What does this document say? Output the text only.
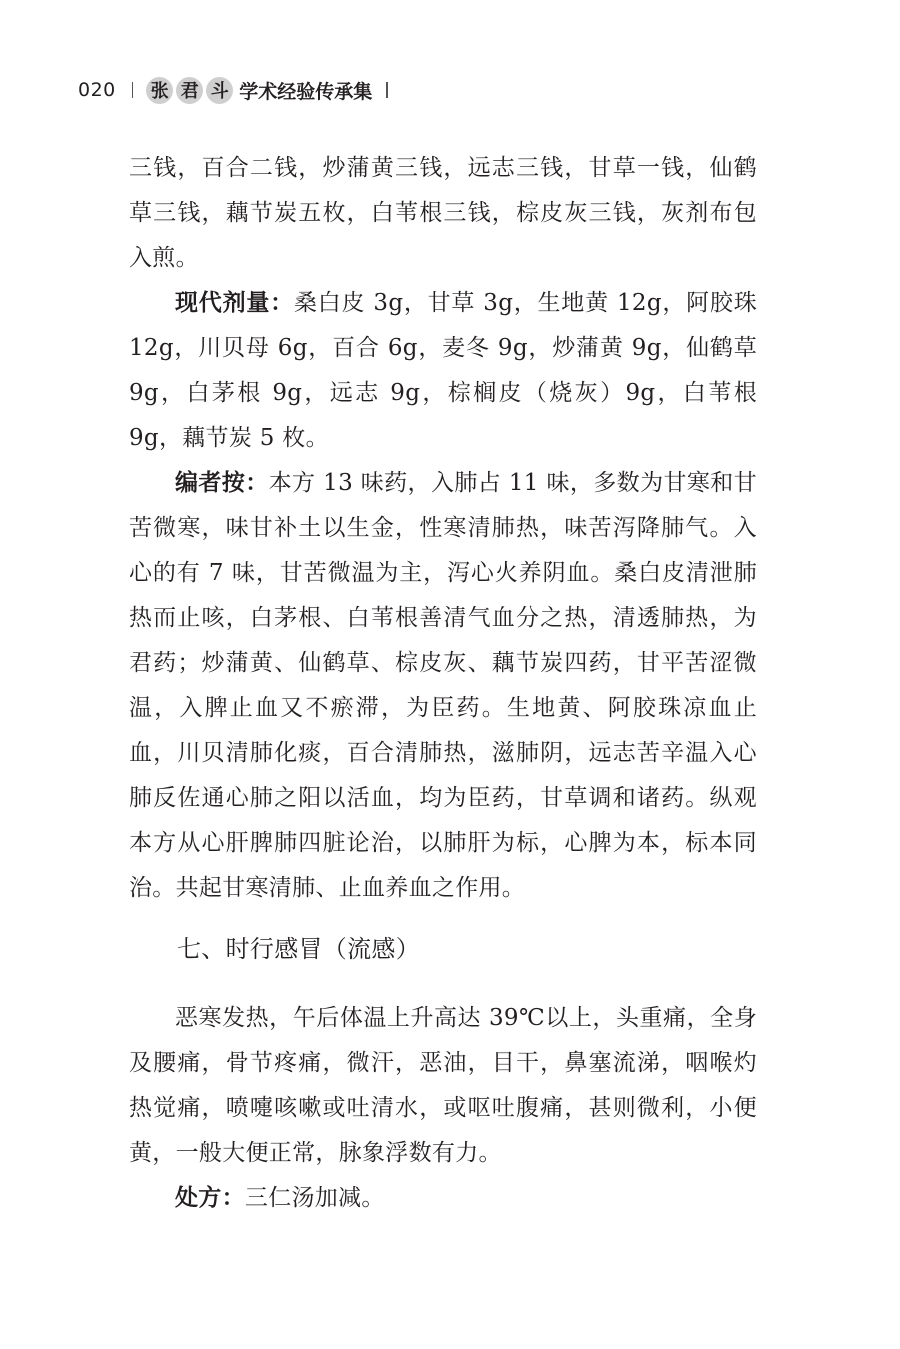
020 张 君 斗 学术经验传承集

三钱，百合二钱，炒蒲黄三钱，远志三钱，甘草一钱，仙鹤草三钱，藕节炭五枚，白苇根三钱，棕皮灰三钱，灰剂布包入煎。

现代剂量：桑白皮 3g，甘草 3g，生地黄 12g，阿胶珠 12g，川贝母 6g，百合 6g，麦冬 9g，炒蒲黄 9g，仙鹤草 9g，白茅根 9g，远志 9g，棕榈皮（烧灰）9g，白苇根 9g，藕节炭 5 枚。

编者按：本方 13 味药，入肺占 11 味，多数为甘寒和甘苦微寒，味甘补土以生金，性寒清肺热，味苦泻降肺气。入心的有 7 味，甘苦微温为主，泻心火养阴血。桑白皮清泄肺热而止咳，白茅根、白苇根善清气血分之热，清透肺热，为君药；炒蒲黄、仙鹤草、棕皮灰、藕节炭四药，甘平苦涩微温，入脾止血又不瘀滞，为臣药。生地黄、阿胶珠凉血止血，川贝清肺化痰，百合清肺热，滋肺阴，远志苦辛温入心肺反佐通心肺之阳以活血，均为臣药，甘草调和诸药。纵观本方从心肝脾肺四脏论治，以肺肝为标，心脾为本，标本同治。共起甘寒清肺、止血养血之作用。

七、时行感冒（流感）

恶寒发热，午后体温上升高达 39℃以上，头重痛，全身及腰痛，骨节疼痛，微汗，恶油，目干，鼻塞流涕，咽喉灼热觉痛，喷嚏咳嗽或吐清水，或呕吐腹痛，甚则微利，小便黄，一般大便正常，脉象浮数有力。

处方：三仁汤加减。
